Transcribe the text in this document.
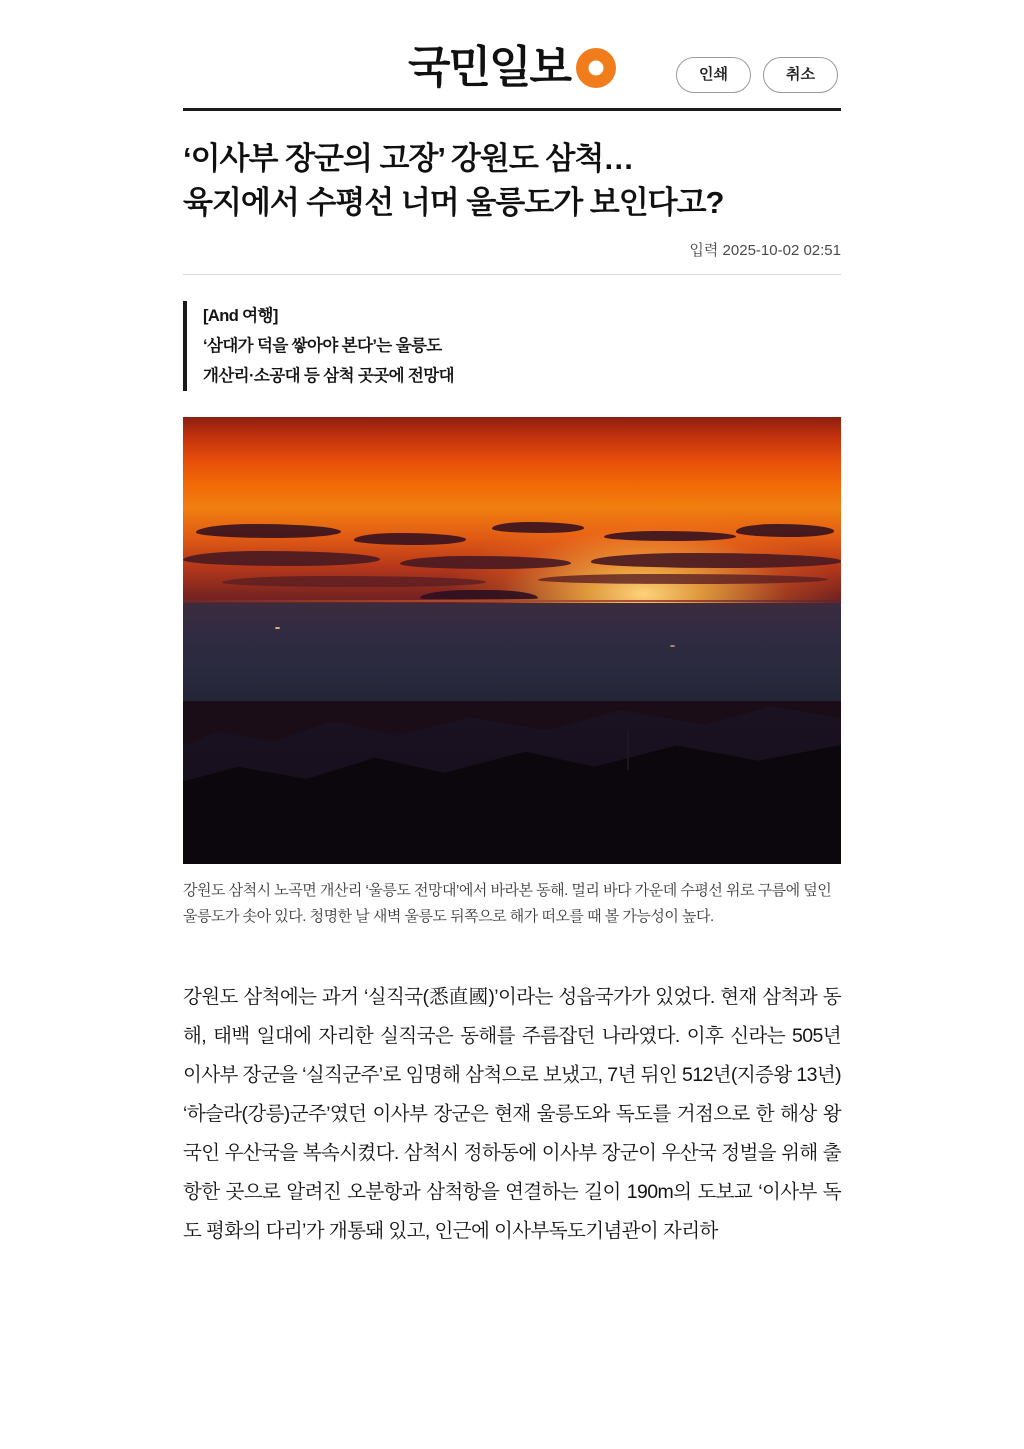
국민일보	인쇄	취소
‘이사부 장군의 고장’ 강원도 삼척…
육지에서 수평선 너머 울릉도가 보인다고?
입력 2025-10-02 02:51
[And 여행]
‘삼대가 덕을 쌓아야 본다’는 울릉도
개산리·소공대 등 삼척 곳곳에 전망대
강원도 삼척시 노곡면 개산리 ‘울릉도 전망대’에서 바라본 동해. 멀리 바다 가운데 수평선 위로 구름에 덮인 울릉도가 솟아 있다. 청명한 날 새벽 울릉도 뒤쪽으로 해가 떠오를 때 볼 가능성이 높다.

강원도 삼척에는 과거 ‘실직국(悉直國)’이라는 성읍국가가 있었다. 현재 삼척과 동해, 태백 일대에 자리한 실직국은 동해를 주름잡던 나라였다. 이후 신라는 505년 이사부 장군을 ‘실직군주’로 임명해 삼척으로 보냈고, 7년 뒤인 512년(지증왕 13년) ‘하슬라(강릉)군주’였던 이사부 장군은 현재 울릉도와 독도를 거점으로 한 해상 왕국인 우산국을 복속시켰다. 삼척시 정하동에 이사부 장군이 우산국 정벌을 위해 출항한 곳으로 알려진 오분항과 삼척항을 연결하는 길이 190m의 도보교 ‘이사부 독도 평화의 다리’가 개통돼 있고, 인근에 이사부독도기념관이 자리하
